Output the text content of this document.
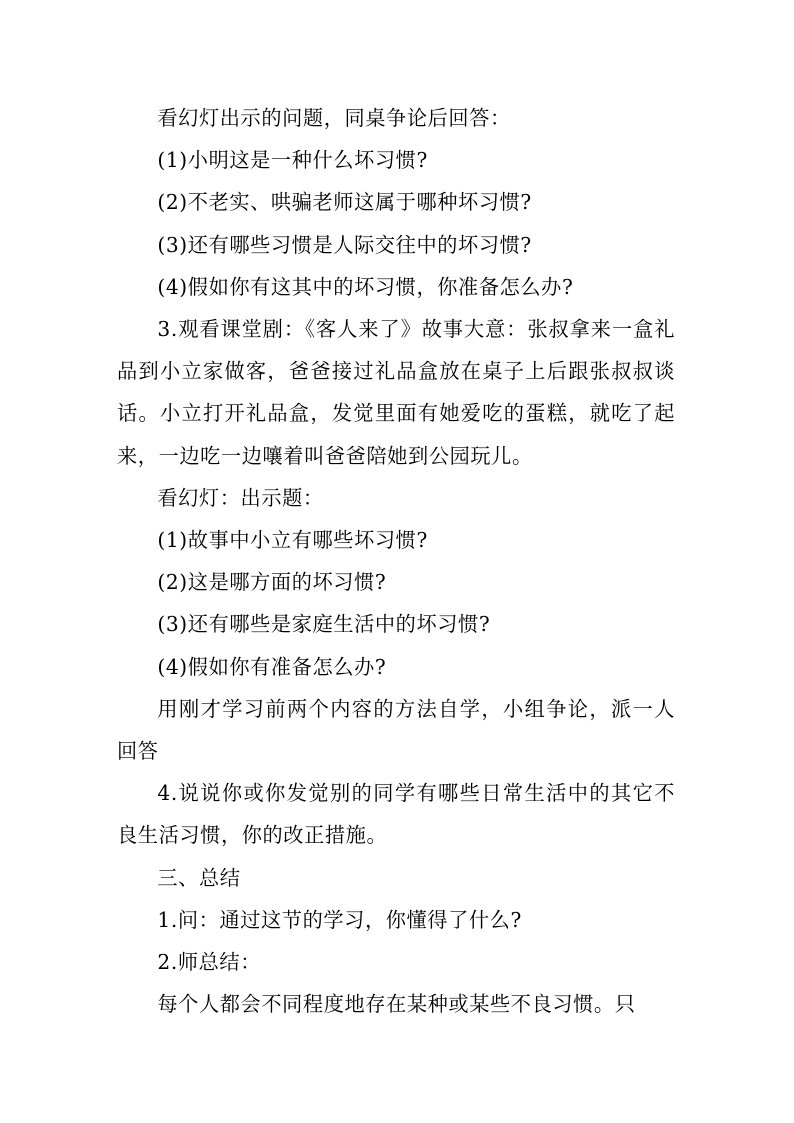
看幻灯出示的问题，同桌争论后回答：

(1)小明这是一种什么坏习惯?

(2)不老实、哄骗老师这属于哪种坏习惯?

(3)还有哪些习惯是人际交往中的坏习惯?

(4)假如你有这其中的坏习惯，你准备怎么办?

3.观看课堂剧：《客人来了》故事大意：张叔拿来一盒礼品到小立家做客，爸爸接过礼品盒放在桌子上后跟张叔叔谈话。小立打开礼品盒，发觉里面有她爱吃的蛋糕，就吃了起来，一边吃一边嚷着叫爸爸陪她到公园玩儿。

看幻灯：出示题：

(1)故事中小立有哪些坏习惯?

(2)这是哪方面的坏习惯?

(3)还有哪些是家庭生活中的坏习惯?

(4)假如你有准备怎么办?

用刚才学习前两个内容的方法自学，小组争论，派一人回答

4.说说你或你发觉别的同学有哪些日常生活中的其它不良生活习惯，你的改正措施。

三、总结

1.问：通过这节的学习，你懂得了什么?

2.师总结：

每个人都会不同程度地存在某种或某些不良习惯。只
